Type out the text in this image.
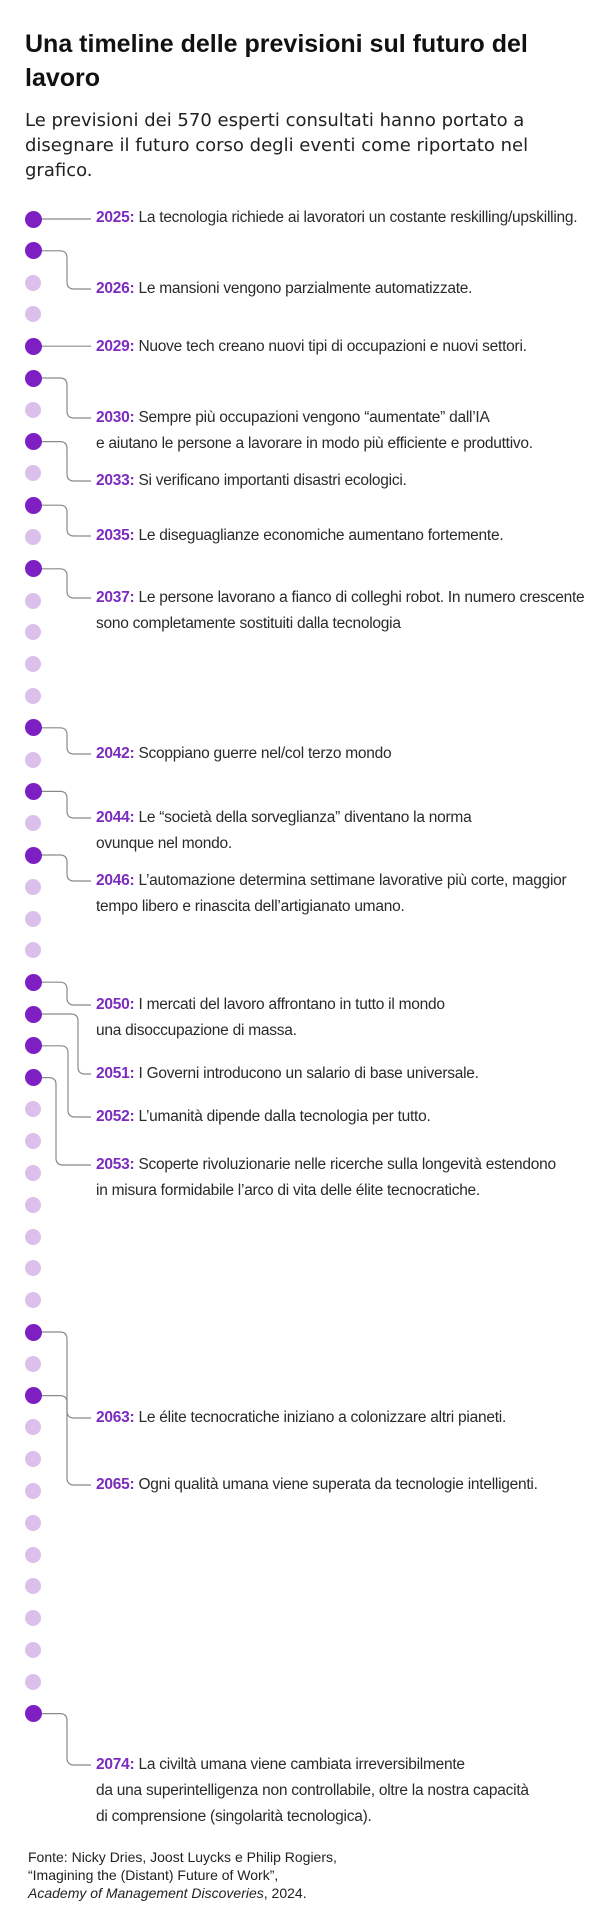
Una timeline delle previsioni sul futuro del lavoro

Le previsioni dei 570 esperti consultati hanno portato a disegnare il futuro corso degli eventi come riportato nel grafico.

2025: La tecnologia richiede ai lavoratori un costante reskilling/upskilling.

2026: Le mansioni vengono parzialmente automatizzate.

2029: Nuove tech creano nuovi tipi di occupazioni e nuovi settori.

2030: Sempre più occupazioni vengono “aumentate” dall’IA
e aiutano le persone a lavorare in modo più efficiente e produttivo.

2033: Si verificano importanti disastri ecologici.

2035: Le diseguaglianze economiche aumentano fortemente.

2037: Le persone lavorano a fianco di colleghi robot. In numero crescente
sono completamente sostituiti dalla tecnologia

2042: Scoppiano guerre nel/col terzo mondo

2044: Le “società della sorveglianza” diventano la norma
ovunque nel mondo.

2046: L’automazione determina settimane lavorative più corte, maggior
tempo libero e rinascita dell’artigianato umano.

2050: I mercati del lavoro affrontano in tutto il mondo
una disoccupazione di massa.

2051: I Governi introducono un salario di base universale.

2052: L’umanità dipende dalla tecnologia per tutto.

2053: Scoperte rivoluzionarie nelle ricerche sulla longevità estendono
in misura formidabile l’arco di vita delle élite tecnocratiche.

2063: Le élite tecnocratiche iniziano a colonizzare altri pianeti.

2065: Ogni qualità umana viene superata da tecnologie intelligenti.

2074: La civiltà umana viene cambiata irreversibilmente
da una superintelligenza non controllabile, oltre la nostra capacità
di comprensione (singolarità tecnologica).

Fonte: Nicky Dries, Joost Luycks e Philip Rogiers,
“Imagining the (Distant) Future of Work”,
Academy of Management Discoveries, 2024.
